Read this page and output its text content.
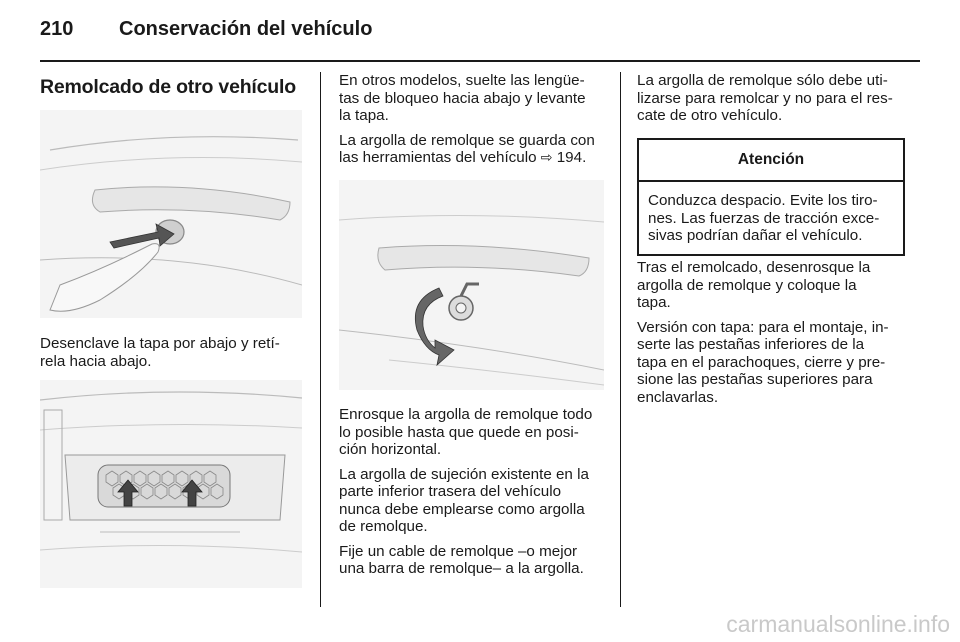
210 Conservación del vehículo
Remolcado de otro vehículo
Desenclave la tapa por abajo y retí-
rela hacia abajo.

En otros modelos, suelte las lengüe-
tas de bloqueo hacia abajo y levante
la tapa.

La argolla de remolque se guarda con
las herramientas del vehículo ⇨ 194.

Enrosque la argolla de remolque todo
lo posible hasta que quede en posi-
ción horizontal.

La argolla de sujeción existente en la
parte inferior trasera del vehículo
nunca debe emplearse como argolla
de remolque.

Fije un cable de remolque –o mejor
una barra de remolque– a la argolla.

La argolla de remolque sólo debe uti-
lizarse para remolcar y no para el res-
cate de otro vehículo.

Atención
Conduzca despacio. Evite los tiro-
nes. Las fuerzas de tracción exce-
sivas podrían dañar el vehículo.

Tras el remolcado, desenrosque la
argolla de remolque y coloque la
tapa.

Versión con tapa: para el montaje, in-
serte las pestañas inferiores de la
tapa en el parachoques, cierre y pre-
sione las pestañas superiores para
enclavarlas.

carmanualsonline.info
